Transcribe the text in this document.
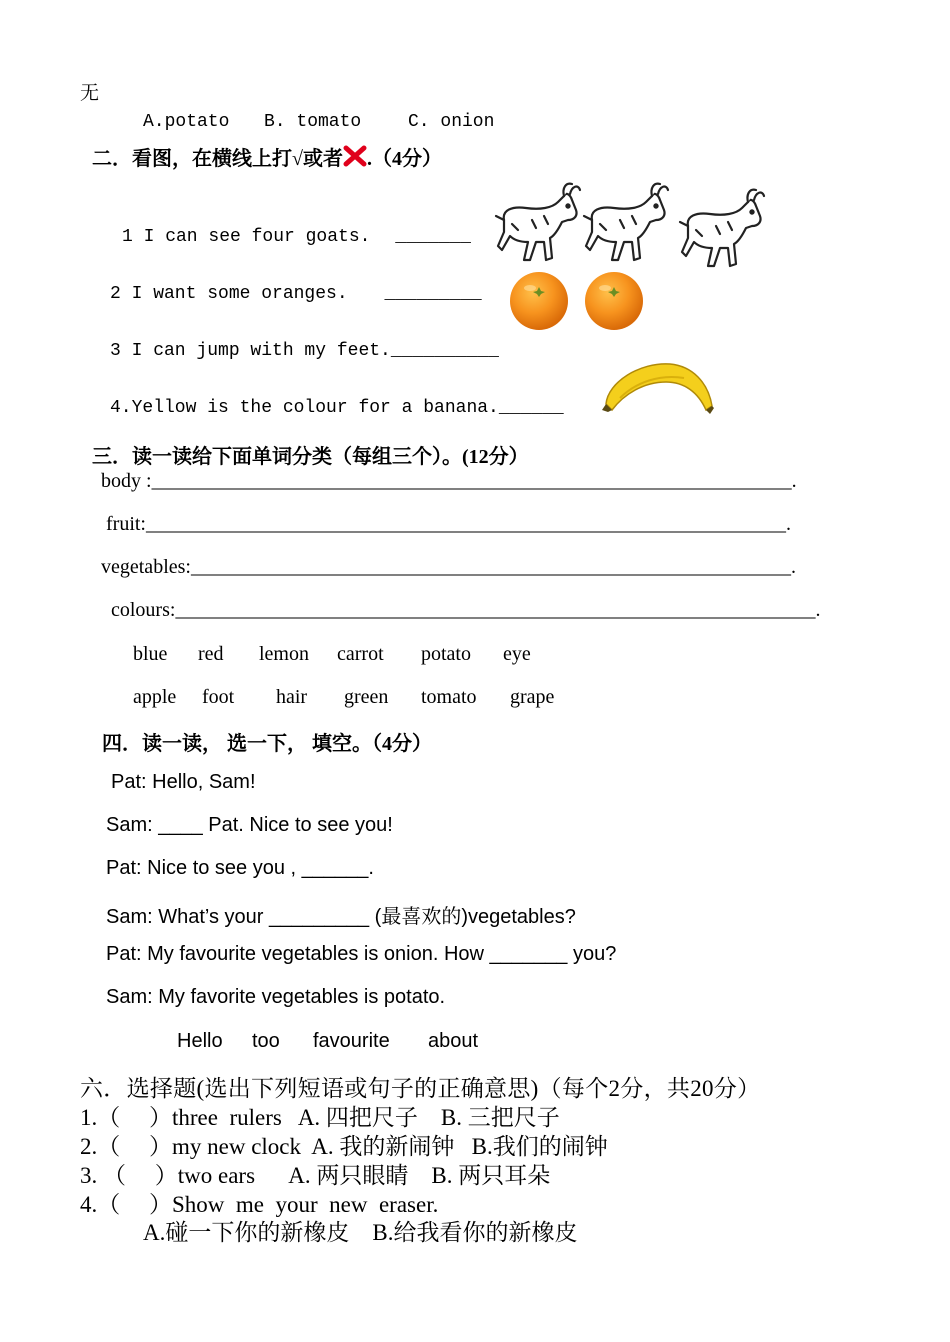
无
A.potato B. tomato	C. onion
二．看图，在横线上打√或者 .（4分）
1 I can see four goats. _______
2 I want some oranges. _________
3 I can jump with my feet.__________
4.Yellow is the colour for a banana.______
三．读一读给下面单词分类（每组三个）。(12分）
body :________________________________________________________________.
fruit:________________________________________________________________.
vegetables:____________________________________________________________.
colours:________________________________________________________________.
blue red lemon carrot potato eye
apple foot hair green tomato grape
四．读一读， 选一下， 填空。（4分）
Pat: Hello, Sam!
Sam: ____ Pat. Nice to see you!
Pat: Nice to see you , ______.
Sam: What’s your _________ (最喜欢的)vegetables?
Pat: My favourite vegetables is onion. How _______ you?
Sam: My favorite vegetables is potato.
Hello too favourite about
六．选择题(选出下列短语或句子的正确意思)（每个2分，共20分）
1.（     ）three  rulers   A. 四把尺子    B. 三把尺子
2.（     ）my new clock  A. 我的新闹钟   B.我们的闹钟
3. （     ）two ears      A. 两只眼睛    B. 两只耳朵
4.（     ）Show  me  your  new  eraser.
A.碰一下你的新橡皮    B.给我看你的新橡皮
